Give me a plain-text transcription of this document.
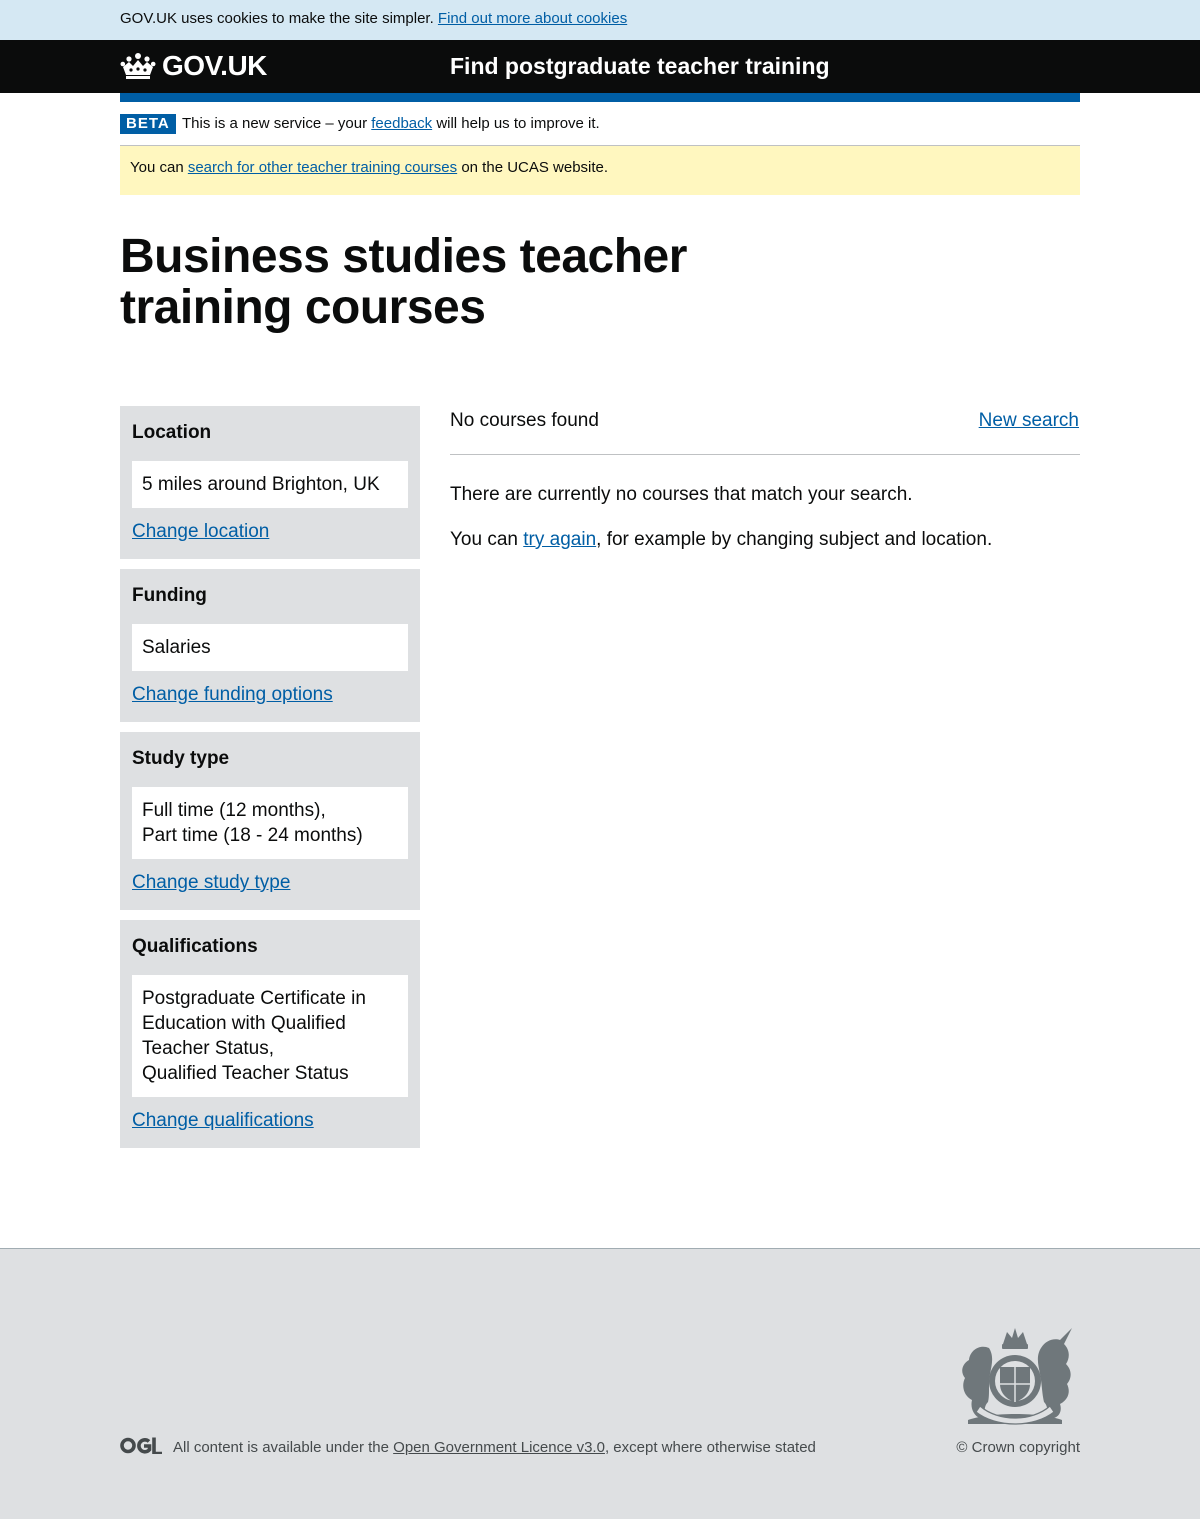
GOV.UK uses cookies to make the site simpler. Find out more about cookies

GOV.UK	Find postgraduate teacher training
BETA This is a new service – your feedback will help us to improve it.

You can search for other teacher training courses on the UCAS website.

Business studies teacher
training courses
Location
5 miles around Brighton, UK
Change location
Funding
Salaries
Change funding options
Study type
Full time (12 months),
Part time (18 - 24 months)
Change study type
Qualifications
Postgraduate Certificate in
Education with Qualified
Teacher Status,
Qualified Teacher Status
Change qualifications

No courses found	New search

There are currently no courses that match your search.

You can try again, for example by changing subject and location.

All content is available under the Open Government Licence v3.0, except where otherwise stated	© Crown copyright
